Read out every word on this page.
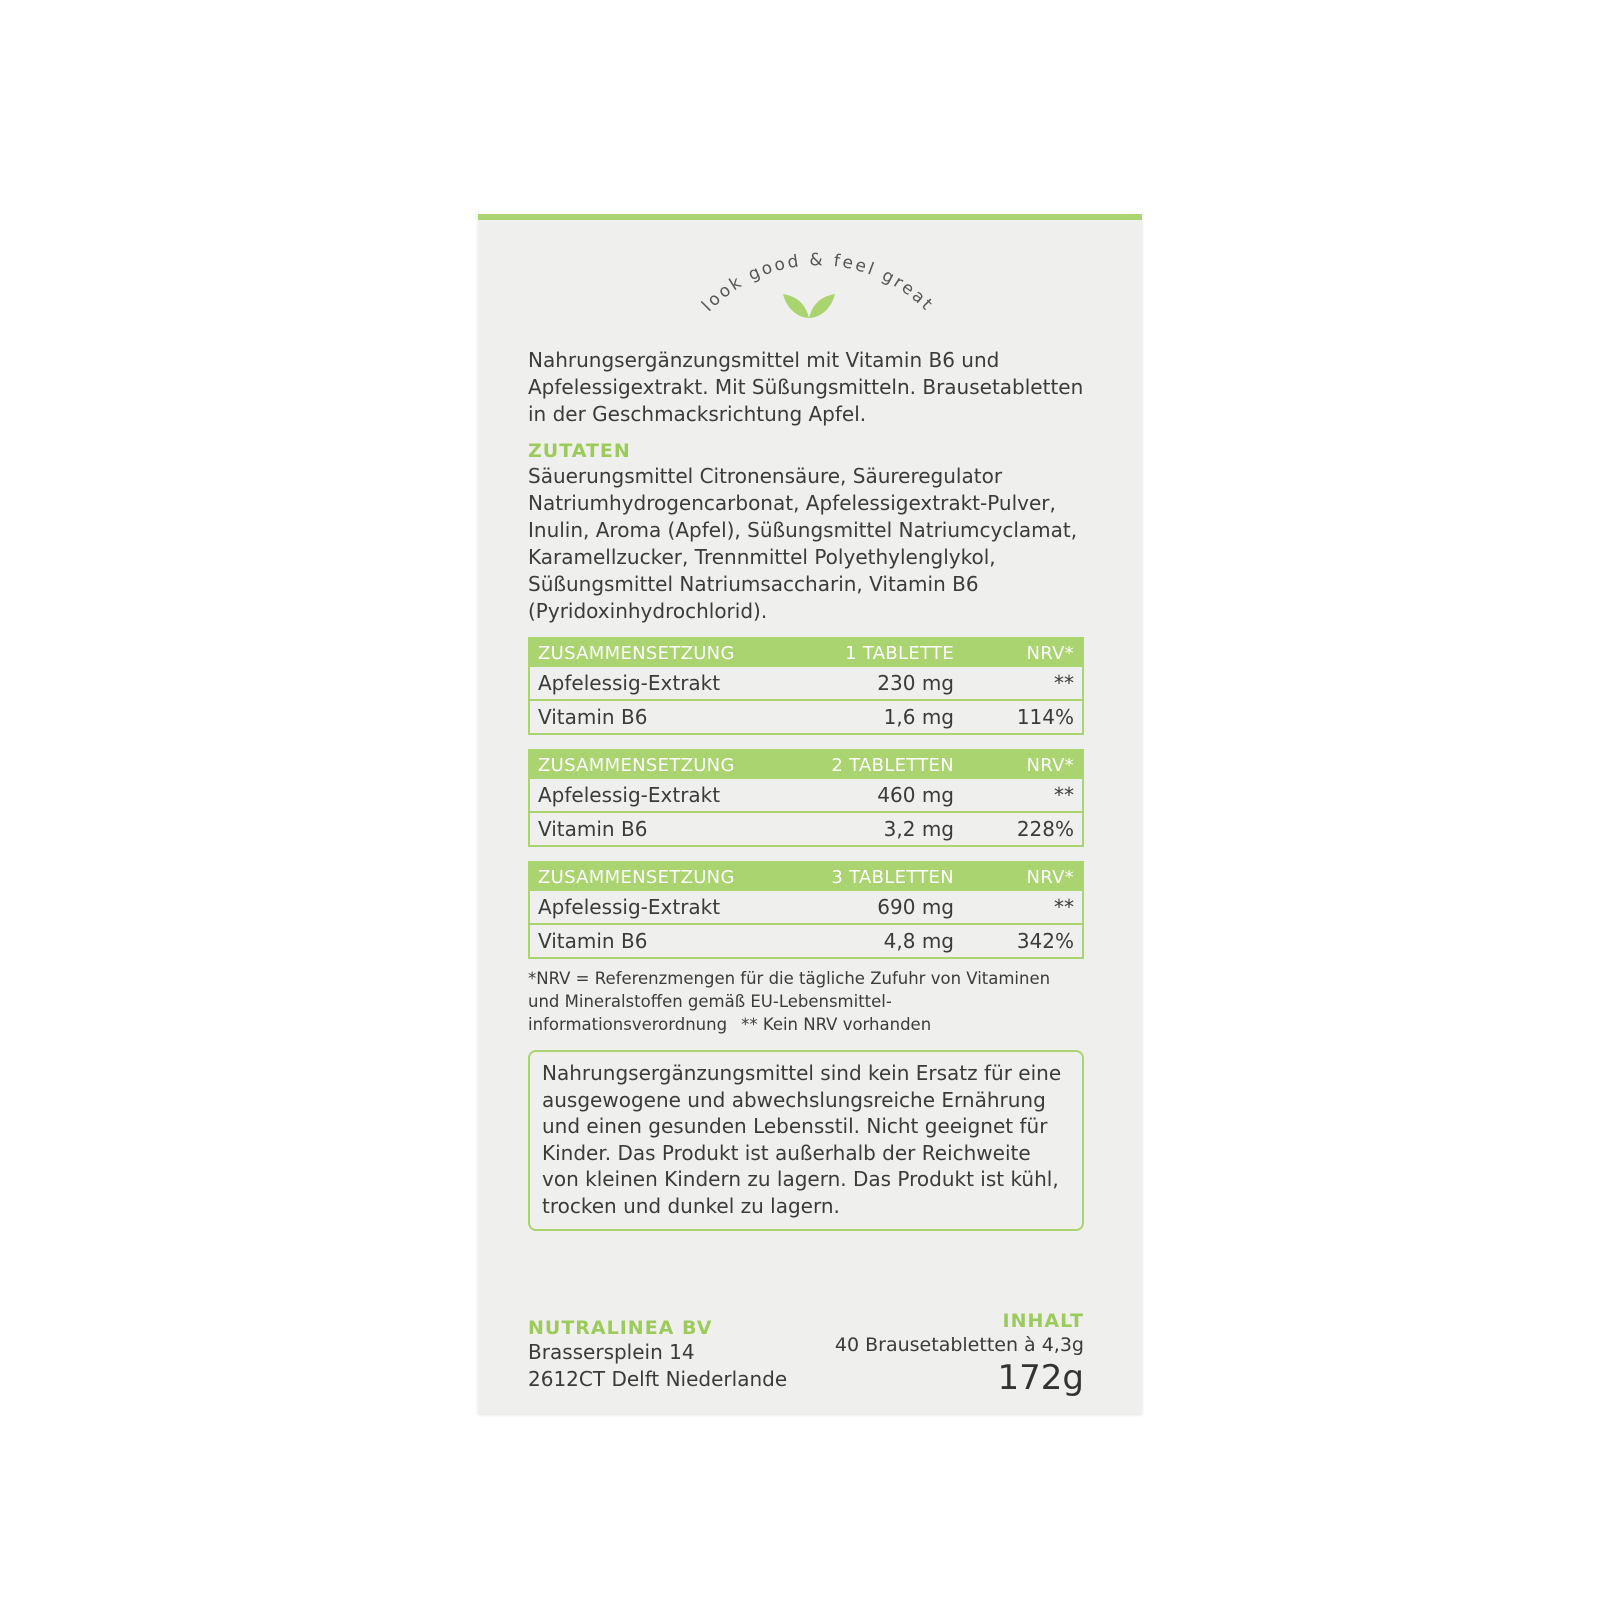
look good & feel great

Nahrungsergänzungsmittel mit Vitamin B6 und Apfelessigextrakt. Mit Süßungsmitteln. Brausetabletten in der Geschmacksrichtung Apfel.

ZUTATEN

Säuerungsmittel Citronensäure, Säureregulator Natriumhydrogencarbonat, Apfelessigextrakt-Pulver, Inulin, Aroma (Apfel), Süßungsmittel Natriumcyclamat, Karamellzucker, Trennmittel Polyethylenglykol, Süßungsmittel Natriumsaccharin, Vitamin B6 (Pyridoxinhydrochlorid).

ZUSAMMENSETZUNG	1 TABLETTE	NRV*
Apfelessig-Extrakt	230 mg	**
Vitamin B6	1,6 mg	114%
ZUSAMMENSETZUNG	2 TABLETTEN	NRV*
Apfelessig-Extrakt	460 mg	**
Vitamin B6	3,2 mg	228%
ZUSAMMENSETZUNG	3 TABLETTEN	NRV*
Apfelessig-Extrakt	690 mg	**
Vitamin B6	4,8 mg	342%
*NRV = Referenzmengen für die tägliche Zufuhr von Vitaminen und Mineralstoffen gemäß EU-Lebensmittel-informationsverordnung ** Kein NRV vorhanden
Nahrungsergänzungsmittel sind kein Ersatz für eine ausgewogene und abwechslungsreiche Ernährung und einen gesunden Lebensstil. Nicht geeignet für Kinder. Das Produkt ist außerhalb der Reichweite von kleinen Kindern zu lagern. Das Produkt ist kühl, trocken und dunkel zu lagern.
NUTRALINEA BV
Brassersplein 14
2612CT Delft Niederlande
INHALT
40 Brausetabletten à 4,3g
172g
